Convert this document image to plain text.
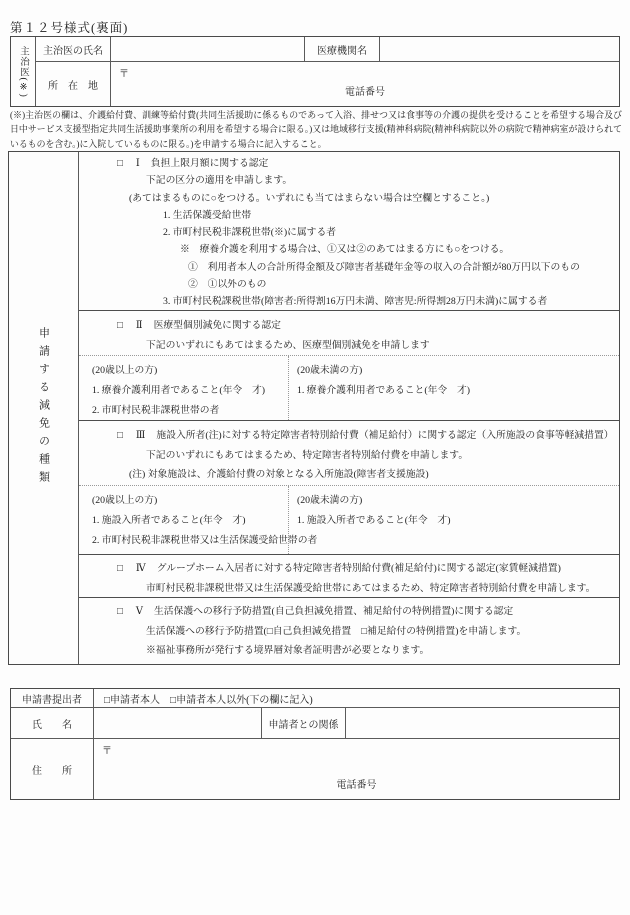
第１２号様式(裏面)
主治医(※)	主治医の氏名	医療機関名
所　在　地
〒
電話番号
(※)主治医の欄は、介護給付費、訓練等給付費(共同生活援助に係るものであって入浴、排せつ又は食事等の介護の提供を受けることを希望する場合及び日中サービス支援型指定共同生活援助事業所の利用を希望する場合に限る。)又は地域移行支援(精神科病院(精神科病院以外の病院で精神病室が設けられているものを含む。)に入院しているものに限る。)を申請する場合に記入すること。
申請する減免の種類
□ Ⅰ 負担上限月額に関する認定
下記の区分の適用を申請します。
(あてはまるものに○をつける。いずれにも当てはまらない場合は空欄とすること。)
1. 生活保護受給世帯
2. 市町村民税非課税世帯(※)に属する者
※　療養介護を利用する場合は、①又は②のあてはまる方にも○をつける。
①　利用者本人の合計所得金額及び障害者基礎年金等の収入の合計額が80万円以下のもの
②　①以外のもの
3. 市町村民税課税世帯(障害者:所得割16万円未満、障害児:所得割28万円未満)に属する者
□ Ⅱ 医療型個別減免に関する認定
下記のいずれにもあてはまるため、医療型個別減免を申請します
(20歳以上の方)
1. 療養介護利用者であること(年令　才)
2. 市町村民税非課税世帯の者
(20歳未満の方)
1. 療養介護利用者であること(年令　才)
□ Ⅲ 施設入所者(注)に対する特定障害者特別給付費（補足給付）に関する認定（入所施設の食事等軽減措置）
下記のいずれにもあてはまるため、特定障害者特別給付費を申請します。
(注) 対象施設は、介護給付費の対象となる入所施設(障害者支援施設)
(20歳以上の方)
1. 施設入所者であること(年令　才)
2. 市町村民税非課税世帯又は生活保護受給世帯の者
(20歳未満の方)
1. 施設入所者であること(年令　才)
□ Ⅳ グループホーム入居者に対する特定障害者特別給付費(補足給付)に関する認定(家賃軽減措置)
市町村民税非課税世帯又は生活保護受給世帯にあてはまるため、特定障害者特別給付費を申請します。
□ Ⅴ 生活保護への移行予防措置(自己負担減免措置、補足給付の特例措置)に関する認定
生活保護への移行予防措置(□自己負担減免措置 □補足給付の特例措置)を申請します。
※福祉事務所が発行する境界層対象者証明書が必要となります。
申請書提出者	□申請者本人 □申請者本人以外(下の欄に記入)
氏　　名	申請者との関係
住　　所
〒
電話番号
